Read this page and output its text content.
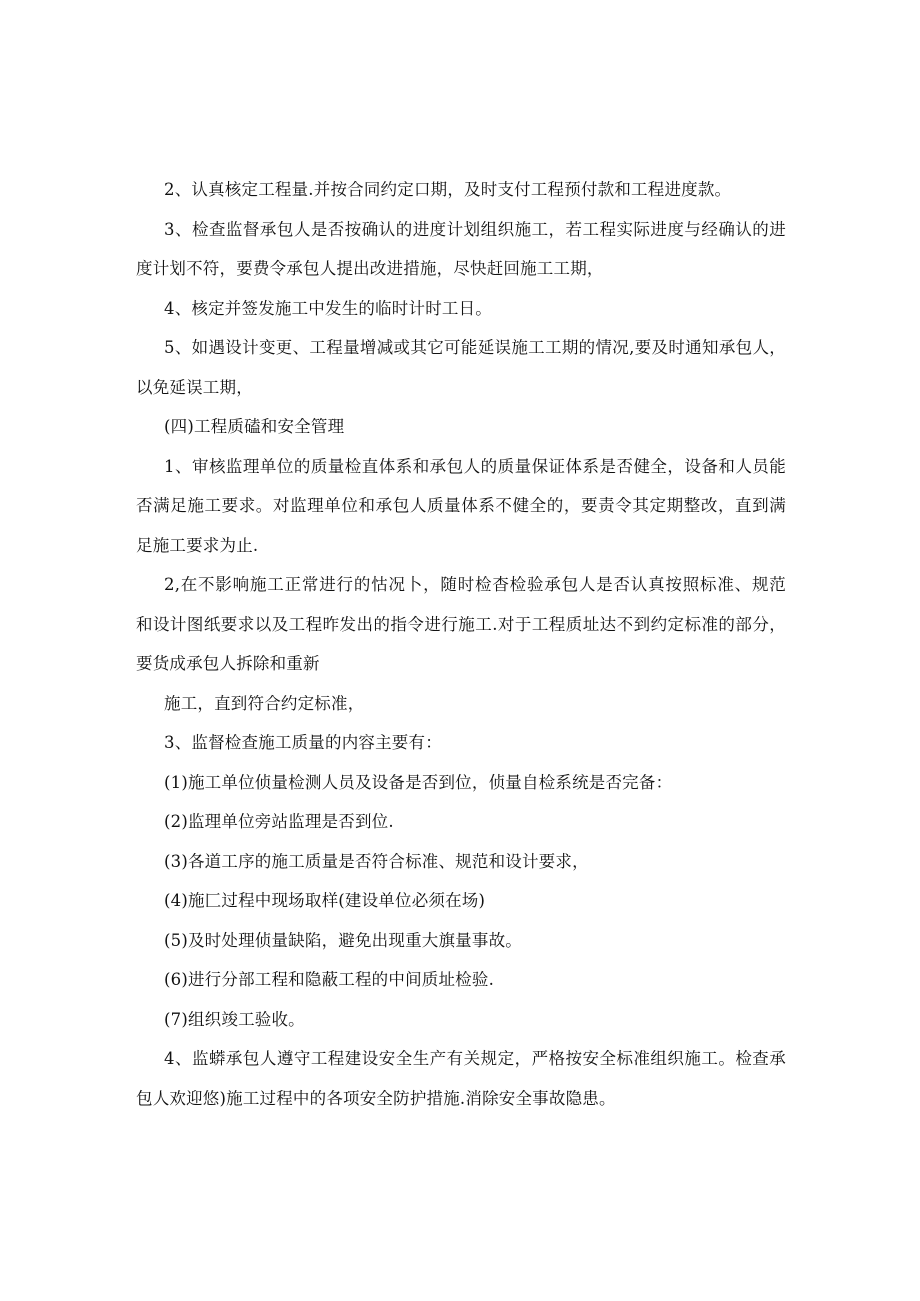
2、认真核定工程量.并按合同约定口期，及时支付工程预付款和工程进度款。

3、检查监督承包人是否按确认的进度计划组织施工，若工程实际进度与经确认的进

度计划不符，要费令承包人提出改进措施，尽快赶回施工工期，

4、核定并签发施工中发生的临时计时工日。

5、如遇设计变更、工程量增减或其它可能延误施工工期的情况,要及时通知承包人，

以免延误工期，

(四)工程质磕和安全管理

1、审核监理单位的质量检直体系和承包人的质量保证体系是否健全，设备和人员能

否满足施工要求。对监理单位和承包人质量体系不健全的，要责令其定期整改，直到满

足施工要求为止.

2,在不影响施工正常进行的怙况卜，随时检杳检验承包人是否认真按照标准、规范

和设计图纸要求以及工程昨发出的指令进行施工.对于工程质址达不到约定标准的部分，

要货成承包人拆除和重新

施工，直到符合约定标准，

3、监督检查施工质量的内容主要有：

(1)施工单位侦量检测人员及设备是否到位，侦量自检系统是否完备：

(2)监理单位旁站监理是否到位.

(3)各道工序的施工质量是否符合标准、规范和设计要求，

(4)施匚过程中现场取样(建设单位必须在场)

(5)及时处理侦量缺陷，避免出现重大旗量事故。

(6)进行分部工程和隐蔽工程的中间质址检验.

(7)组织竣工验收。

4、监蟒承包人遵守工程建设安全生产有关规定，严格按安全标准组织施工。检查承

包人欢迎悠)施工过程中的各项安全防护措施.消除安全事故隐患。
